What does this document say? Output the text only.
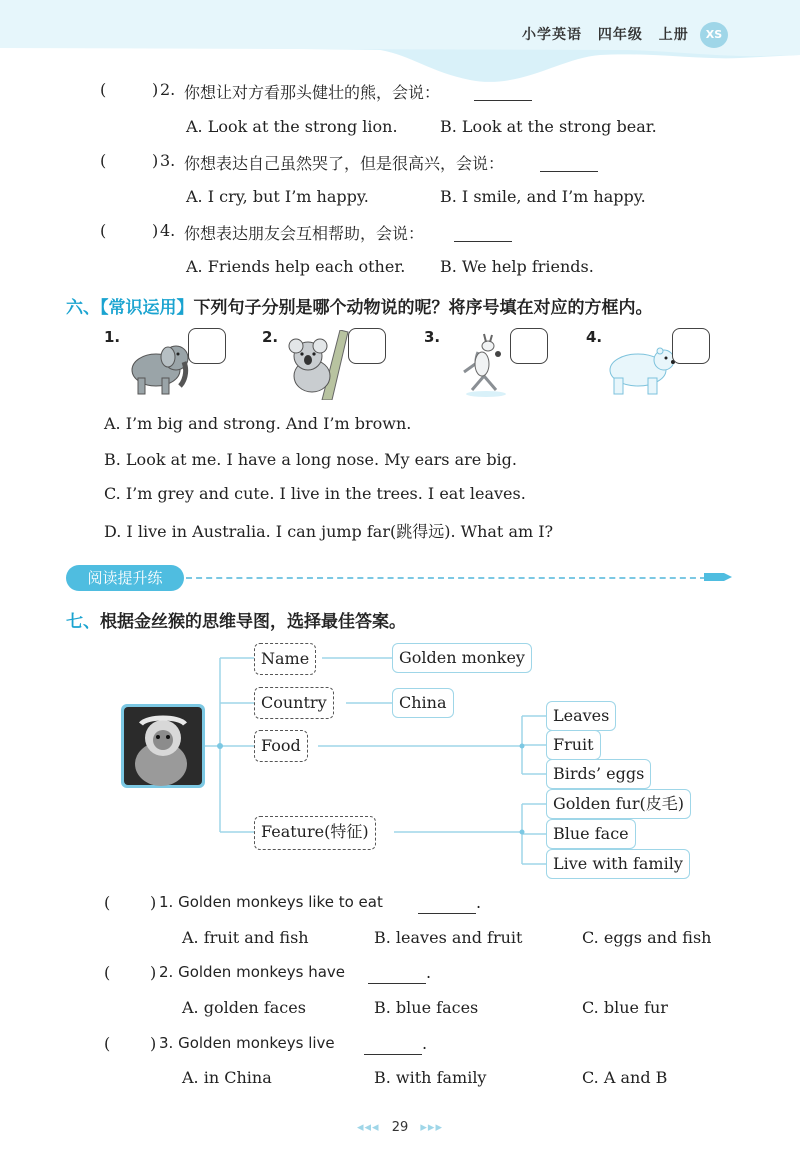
小学英语 四年级 上册	XS
(	) 2. 你想让对方看那头健壮的熊，会说：
A. Look at the strong lion.	B. Look at the strong bear.
(	) 3. 你想表达自己虽然哭了，但是很高兴，会说：
A. I cry, but I’m happy.	B. I smile, and I’m happy.
(	) 4. 你想表达朋友会互相帮助，会说：
A. Friends help each other. B. We help friends.
六、【常识运用】下列句子分别是哪个动物说的呢？将序号填在对应的方框内。
1.	2.	3.	4.
A. I’m big and strong. And I’m brown.
B. Look at me. I have a long nose. My ears are big.
C. I’m grey and cute. I live in the trees. I eat leaves.
D. I live in Australia. I can jump far(跳得远). What am I?
阅读提升练
七、根据金丝猴的思维导图，选择最佳答案。
Name
Country
Food
Feature(特征)
Golden monkey
China
Leaves
Fruit
Birds’ eggs
Golden fur(皮毛)
Blue face
Live with family
( ) 1. Golden monkeys like to eat	.
A. fruit and fish	B. leaves and fruit	C. eggs and fish
( ) 2. Golden monkeys have	.
A. golden faces	B. blue faces	C. blue fur
( ) 3. Golden monkeys live	.
A. in China	B. with family	C. A and B
◂◂◂ 29 ▸▸▸
